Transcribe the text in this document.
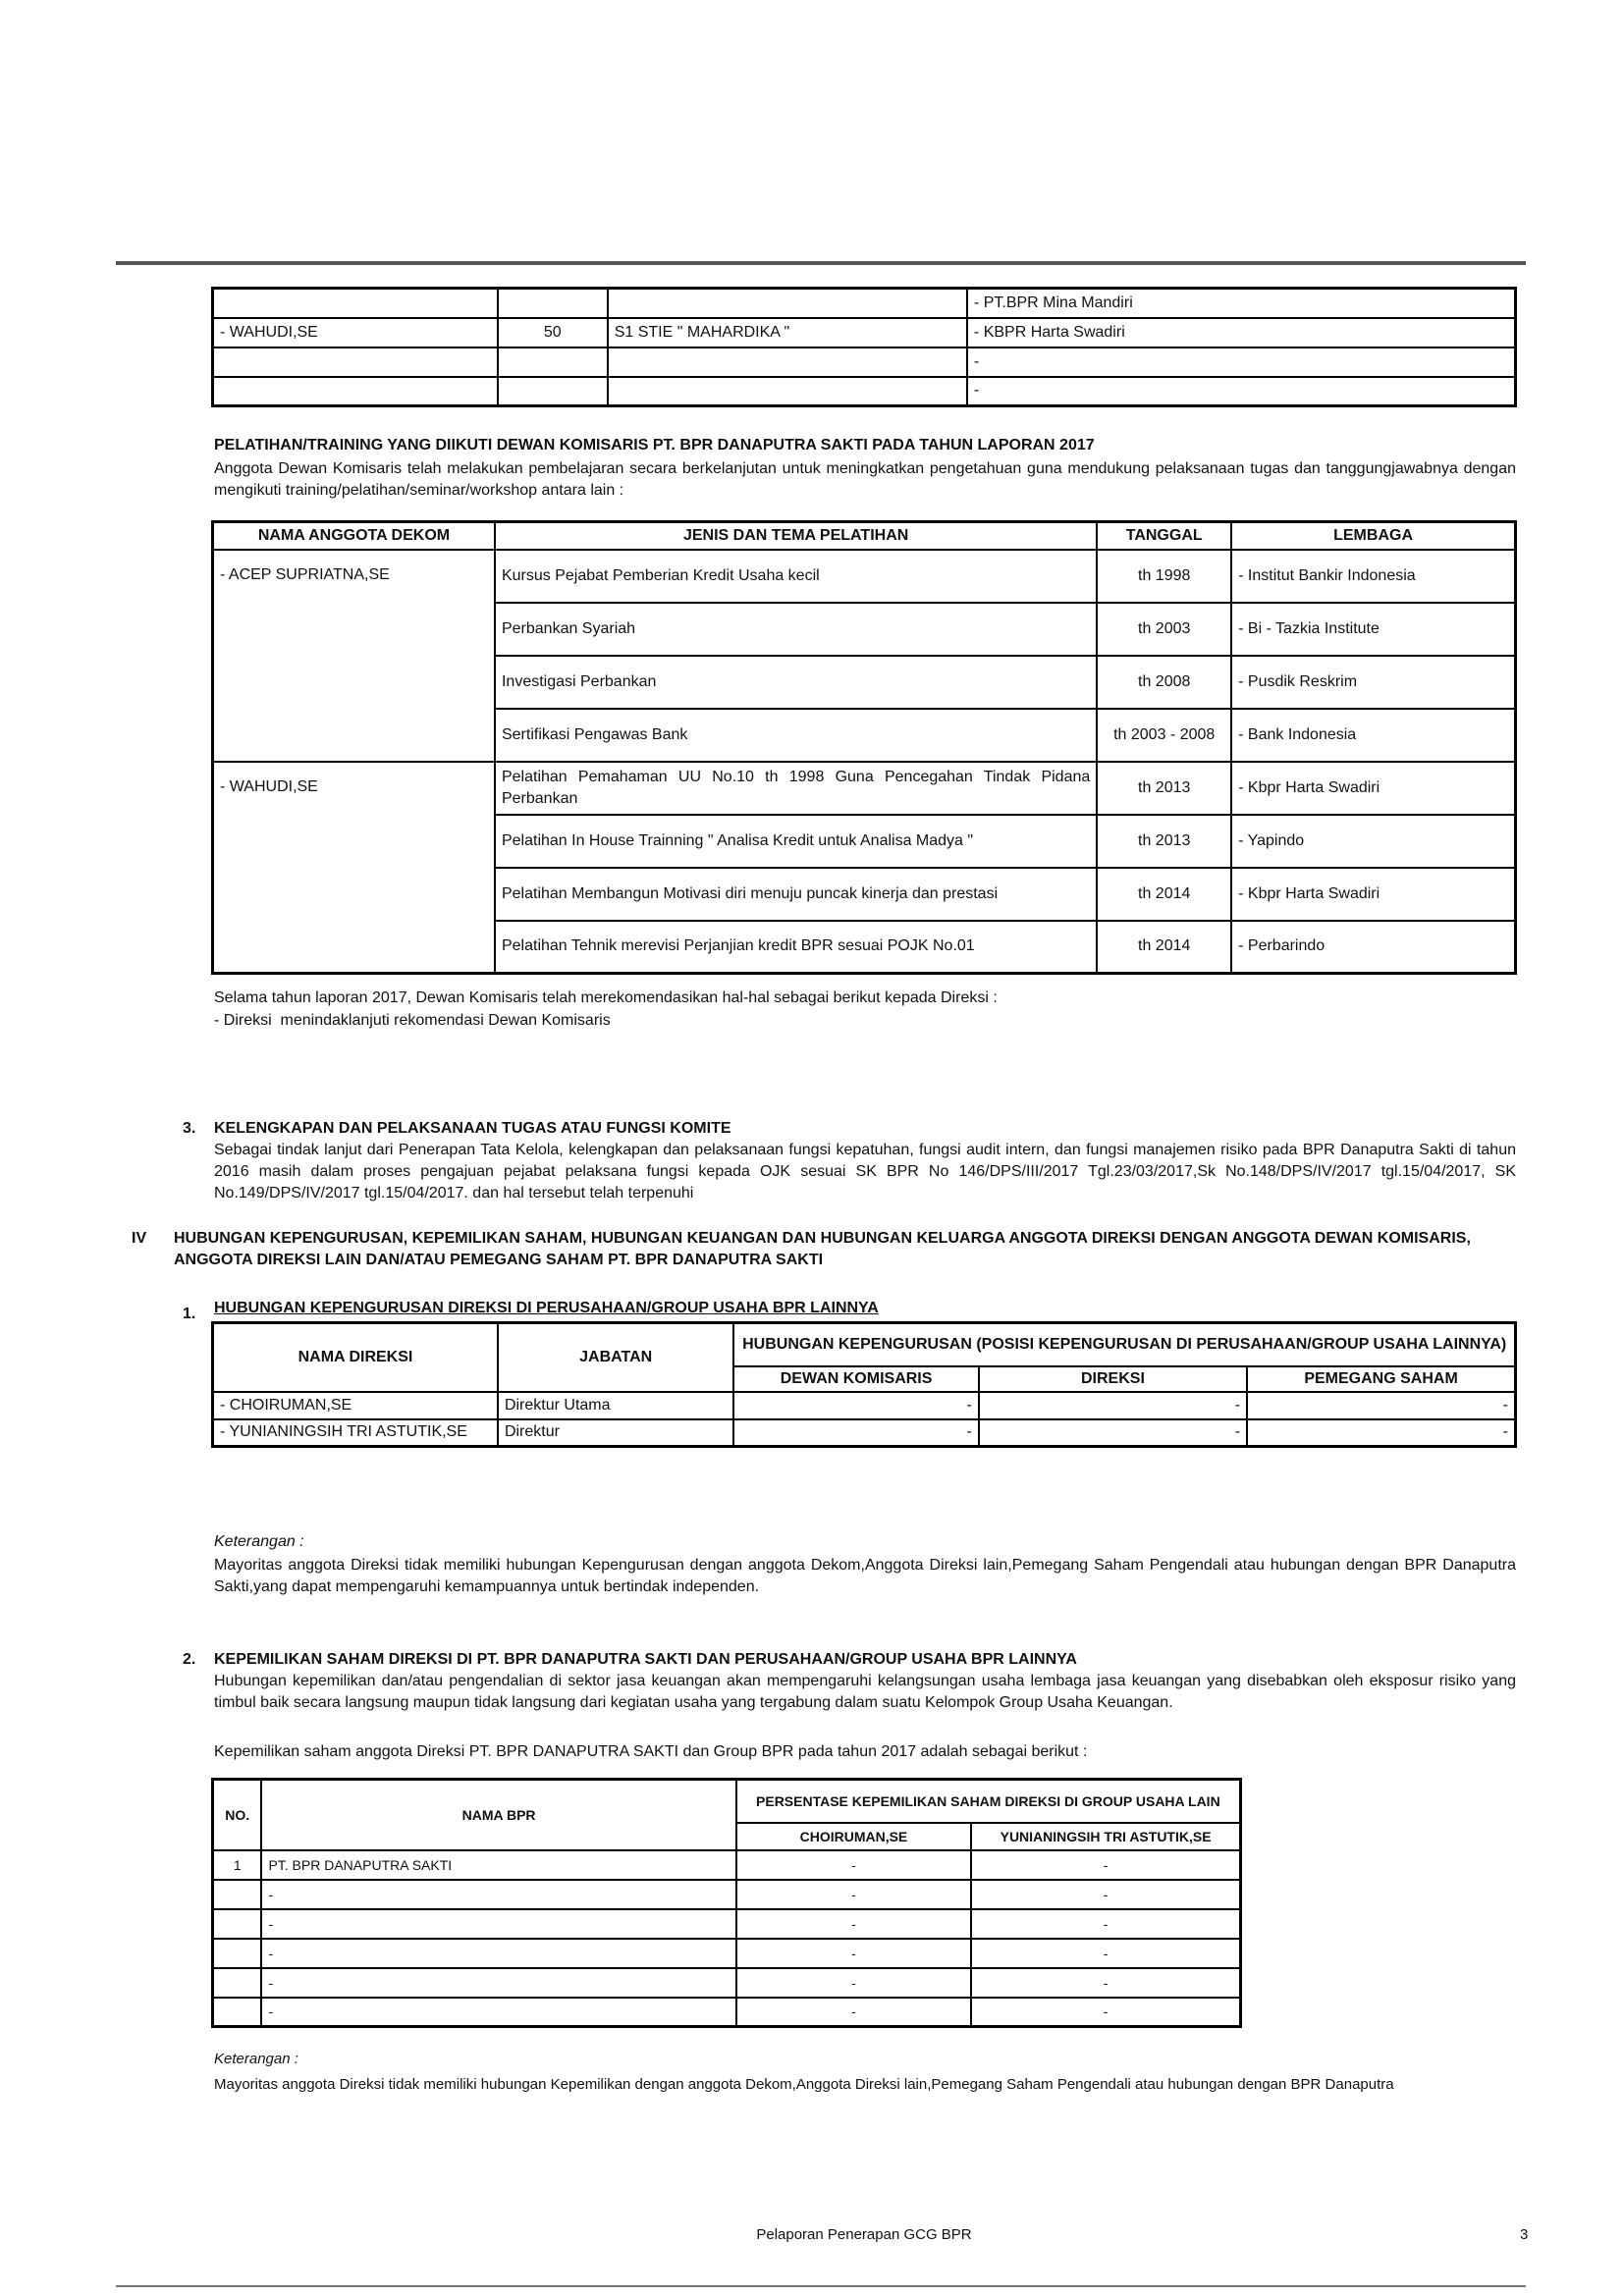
			- PT.BPR Mina Mandiri
- WAHUDI,SE	50	S1 STIE " MAHARDIKA "	- KBPR Harta Swadiri
			-
			-
PELATIHAN/TRAINING YANG DIIKUTI DEWAN KOMISARIS PT. BPR DANAPUTRA SAKTI PADA TAHUN LAPORAN 2017
Anggota Dewan Komisaris telah melakukan pembelajaran secara berkelanjutan untuk meningkatkan pengetahuan guna mendukung pelaksanaan tugas dan tanggungjawabnya dengan mengikuti training/pelatihan/seminar/workshop antara lain :
NAMA ANGGOTA DEKOM	JENIS DAN TEMA PELATIHAN	TANGGAL	LEMBAGA
- ACEP SUPRIATNA,SE	Kursus Pejabat Pemberian Kredit Usaha kecil	th 1998	- Institut Bankir Indonesia
	Perbankan Syariah	th 2003	- Bi - Tazkia Institute
	Investigasi Perbankan	th 2008	- Pusdik Reskrim
	Sertifikasi Pengawas Bank	th 2003 - 2008	- Bank Indonesia
- WAHUDI,SE	Pelatihan Pemahaman UU No.10 th 1998 Guna Pencegahan Tindak Pidana Perbankan	th 2013	- Kbpr Harta Swadiri
	Pelatihan In House Trainning " Analisa Kredit untuk Analisa Madya "	th 2013	- Yapindo
	Pelatihan Membangun Motivasi diri menuju puncak kinerja dan prestasi	th 2014	- Kbpr Harta Swadiri
	Pelatihan Tehnik merevisi Perjanjian kredit BPR sesuai POJK No.01	th 2014	- Perbarindo
Selama tahun laporan 2017, Dewan Komisaris telah merekomendasikan hal-hal sebagai berikut kepada Direksi :
- Direksi  menindaklanjuti rekomendasi Dewan Komisaris
3. KELENGKAPAN DAN PELAKSANAAN TUGAS ATAU FUNGSI KOMITE
Sebagai tindak lanjut dari Penerapan Tata Kelola, kelengkapan dan pelaksanaan fungsi kepatuhan, fungsi audit intern, dan fungsi manajemen risiko pada BPR Danaputra Sakti di tahun 2016 masih dalam proses pengajuan pejabat pelaksana fungsi kepada OJK sesuai SK BPR No 146/DPS/III/2017 Tgl.23/03/2017,Sk No.148/DPS/IV/2017 tgl.15/04/2017, SK No.149/DPS/IV/2017 tgl.15/04/2017. dan hal tersebut telah terpenuhi
IV HUBUNGAN KEPENGURUSAN, KEPEMILIKAN SAHAM, HUBUNGAN KEUANGAN DAN HUBUNGAN KELUARGA ANGGOTA DIREKSI DENGAN ANGGOTA DEWAN KOMISARIS, ANGGOTA DIREKSI LAIN DAN/ATAU PEMEGANG SAHAM PT. BPR DANAPUTRA SAKTI
1. HUBUNGAN KEPENGURUSAN DIREKSI DI PERUSAHAAN/GROUP USAHA BPR LAINNYA
NAMA DIREKSI	JABATAN	HUBUNGAN KEPENGURUSAN (POSISI KEPENGURUSAN DI PERUSAHAAN/GROUP USAHA LAINNYA)		
		DEWAN KOMISARIS	DIREKSI	PEMEGANG SAHAM
- CHOIRUMAN,SE	Direktur Utama	-	-	-
- YUNIANINGSIH TRI ASTUTIK,SE	Direktur	-	-	-
Keterangan :
Mayoritas anggota Direksi tidak memiliki hubungan Kepengurusan dengan anggota Dekom,Anggota Direksi lain,Pemegang Saham Pengendali atau hubungan dengan BPR Danaputra Sakti,yang dapat mempengaruhi kemampuannya untuk bertindak independen.
2. KEPEMILIKAN SAHAM DIREKSI DI PT. BPR DANAPUTRA SAKTI DAN PERUSAHAAN/GROUP USAHA BPR LAINNYA
Hubungan kepemilikan dan/atau pengendalian di sektor jasa keuangan akan mempengaruhi kelangsungan usaha lembaga jasa keuangan yang disebabkan oleh eksposur risiko yang timbul baik secara langsung maupun tidak langsung dari kegiatan usaha yang tergabung dalam suatu Kelompok Group Usaha Keuangan.
Kepemilikan saham anggota Direksi PT. BPR DANAPUTRA SAKTI dan Group BPR pada tahun 2017 adalah sebagai berikut :
NO.	NAMA BPR	PERSENTASE KEPEMILIKAN SAHAM DIREKSI DI GROUP USAHA LAIN	
		CHOIRUMAN,SE	YUNIANINGSIH TRI ASTUTIK,SE
1	PT. BPR DANAPUTRA SAKTI	-	-
	-	-	-
	-	-	-
	-	-	-
	-	-	-
	-	-	-
Keterangan :
Mayoritas anggota Direksi tidak memiliki hubungan Kepemilikan dengan anggota Dekom,Anggota Direksi lain,Pemegang Saham Pengendali atau hubungan dengan BPR Danaputra
Pelaporan Penerapan GCG BPR	3
